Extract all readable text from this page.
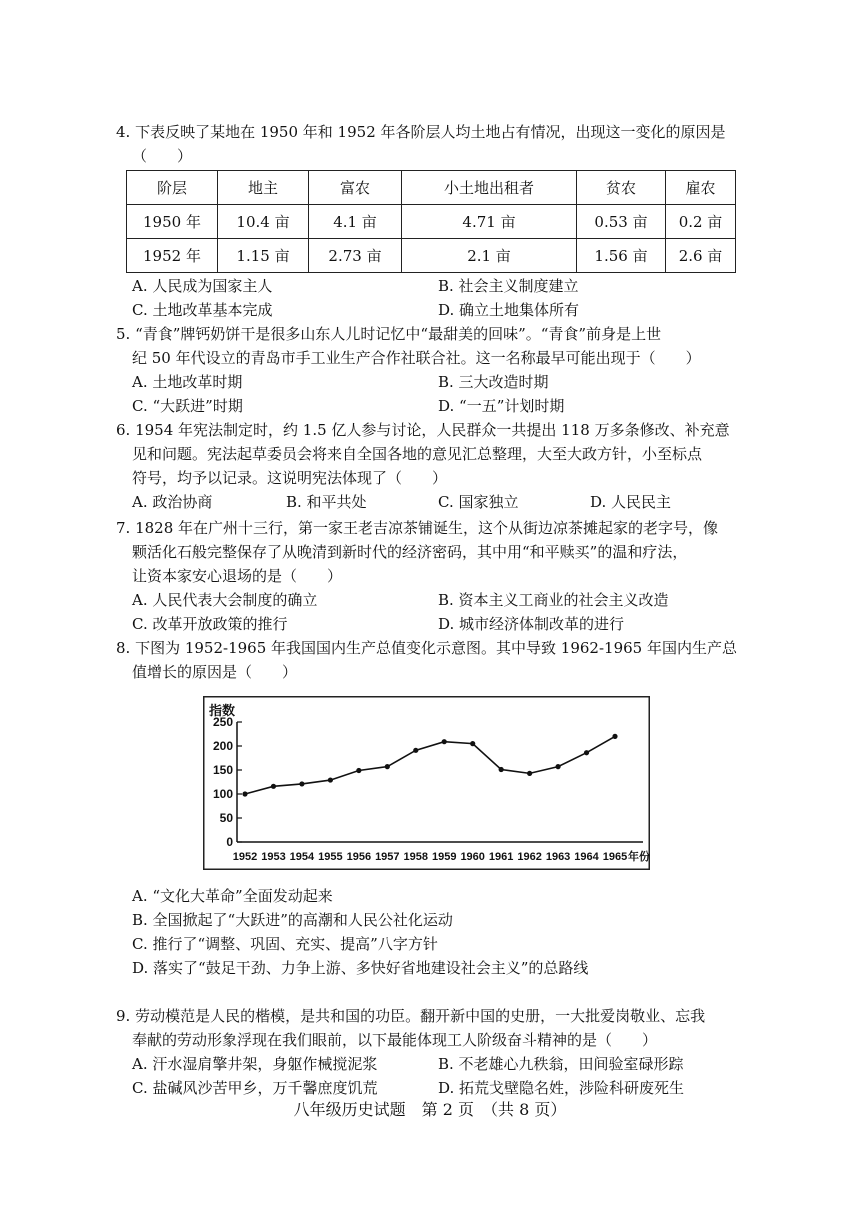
4. 下表反映了某地在 1950 年和 1952 年各阶层人均土地占有情况，出现这一变化的原因是
（　　）
阶层	地主	富农	小土地出租者	贫农	雇农
1950 年	10.4 亩	4.1 亩	4.71 亩	0.53 亩	0.2 亩
1952 年	1.15 亩	2.73 亩	2.1 亩	1.56 亩	2.6 亩
A. 人民成为国家主人	B. 社会主义制度建立
C. 土地改革基本完成	D. 确立土地集体所有
5. “青食”牌钙奶饼干是很多山东人儿时记忆中“最甜美的回味”。“青食”前身是上世
纪 50 年代设立的青岛市手工业生产合作社联合社。这一名称最早可能出现于（　　）
A. 土地改革时期	B. 三大改造时期
C. “大跃进”时期	D. “一五”计划时期
6. 1954 年宪法制定时，约 1.5 亿人参与讨论，人民群众一共提出 118 万多条修改、补充意
见和问题。宪法起草委员会将来自全国各地的意见汇总整理，大至大政方针，小至标点
符号，均予以记录。这说明宪法体现了（　　）
A. 政治协商	B. 和平共处	C. 国家独立	D. 人民民主
7. 1828 年在广州十三行，第一家王老吉凉茶铺诞生，这个从街边凉茶摊起家的老字号，像
颗活化石般完整保存了从晚清到新时代的经济密码，其中用“和平赎买”的温和疗法，
让资本家安心退场的是（　　）
A. 人民代表大会制度的确立	B. 资本主义工商业的社会主义改造
C. 改革开放政策的推行	D. 城市经济体制改革的进行
8. 下图为 1952-1965 年我国国内生产总值变化示意图。其中导致 1962-1965 年国内生产总
值增长的原因是（　　）
指数
0
50
100
150
200
250
1952 1953 1954 1955 1956 1957 1958 1959 1960 1961 1962 1963 1964 1965 年份
A. “文化大革命”全面发动起来
B. 全国掀起了“大跃进”的高潮和人民公社化运动
C. 推行了“调整、巩固、充实、提高”八字方针
D. 落实了“鼓足干劲、力争上游、多快好省地建设社会主义”的总路线
9. 劳动模范是人民的楷模，是共和国的功臣。翻开新中国的史册，一大批爱岗敬业、忘我
奉献的劳动形象浮现在我们眼前，以下最能体现工人阶级奋斗精神的是（　　）
A. 汗水湿肩擎井架，身躯作械搅泥浆	B. 不老雄心九秩翁，田间验室碌形踪
C. 盐碱风沙苦甲乡，万千馨庶度饥荒	D. 拓荒戈壁隐名姓，涉险科研废死生
八年级历史试题　第 2 页　（共 8 页）
